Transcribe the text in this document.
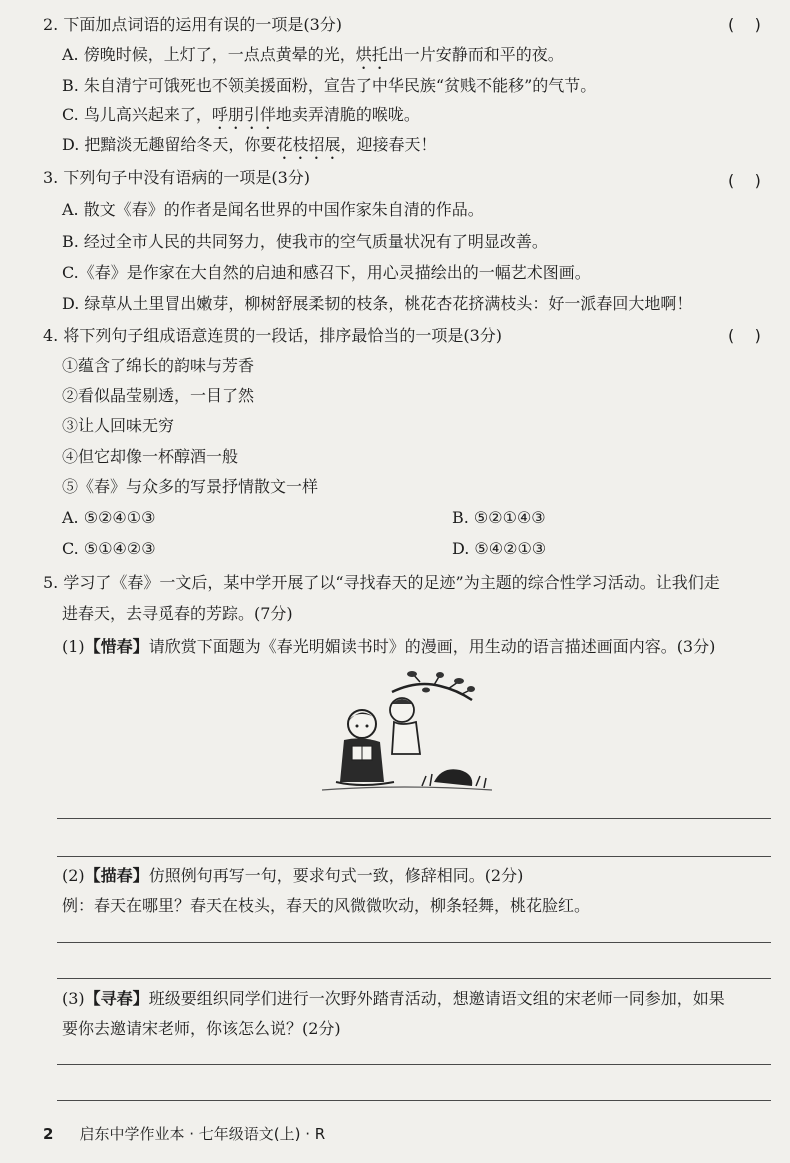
2. 下面加点词语的运用有误的一项是(3分)	(    )
A. 傍晚时候，上灯了，一点点黄晕的光，烘托出一片安静而和平的夜。
B. 朱自清宁可饿死也不领美援面粉，宣告了中华民族“贫贱不能移”的气节。
C. 鸟儿高兴起来了，呼朋引伴地卖弄清脆的喉咙。
D. 把黯淡无趣留给冬天，你要花枝招展，迎接春天！
3. 下列句子中没有语病的一项是(3分)	(    )
A. 散文《春》的作者是闻名世界的中国作家朱自清的作品。
B. 经过全市人民的共同努力，使我市的空气质量状况有了明显改善。
C.《春》是作家在大自然的启迪和感召下，用心灵描绘出的一幅艺术图画。
D. 绿草从土里冒出嫩芽，柳树舒展柔韧的枝条，桃花杏花挤满枝头：好一派春回大地啊！
4. 将下列句子组成语意连贯的一段话，排序最恰当的一项是(3分)	(    )
①蕴含了绵长的韵味与芳香
②看似晶莹剔透，一目了然
③让人回味无穷
④但它却像一杯醇酒一般
⑤《春》与众多的写景抒情散文一样
A. ⑤②④①③	B. ⑤②①④③
C. ⑤①④②③	D. ⑤④②①③
5. 学习了《春》一文后，某中学开展了以“寻找春天的足迹”为主题的综合性学习活动。让我们走
进春天，去寻觅春的芳踪。(7分)
(1)【惜春】请欣赏下面题为《春光明媚读书时》的漫画，用生动的语言描述画面内容。(3分)
(2)【描春】仿照例句再写一句，要求句式一致，修辞相同。(2分)
例：春天在哪里？春天在枝头，春天的风微微吹动，柳条轻舞，桃花脸红。
(3)【寻春】班级要组织同学们进行一次野外踏青活动，想邀请语文组的宋老师一同参加，如果
要你去邀请宋老师，你该怎么说？(2分)
2 启东中学作业本 · 七年级语文(上) · R
